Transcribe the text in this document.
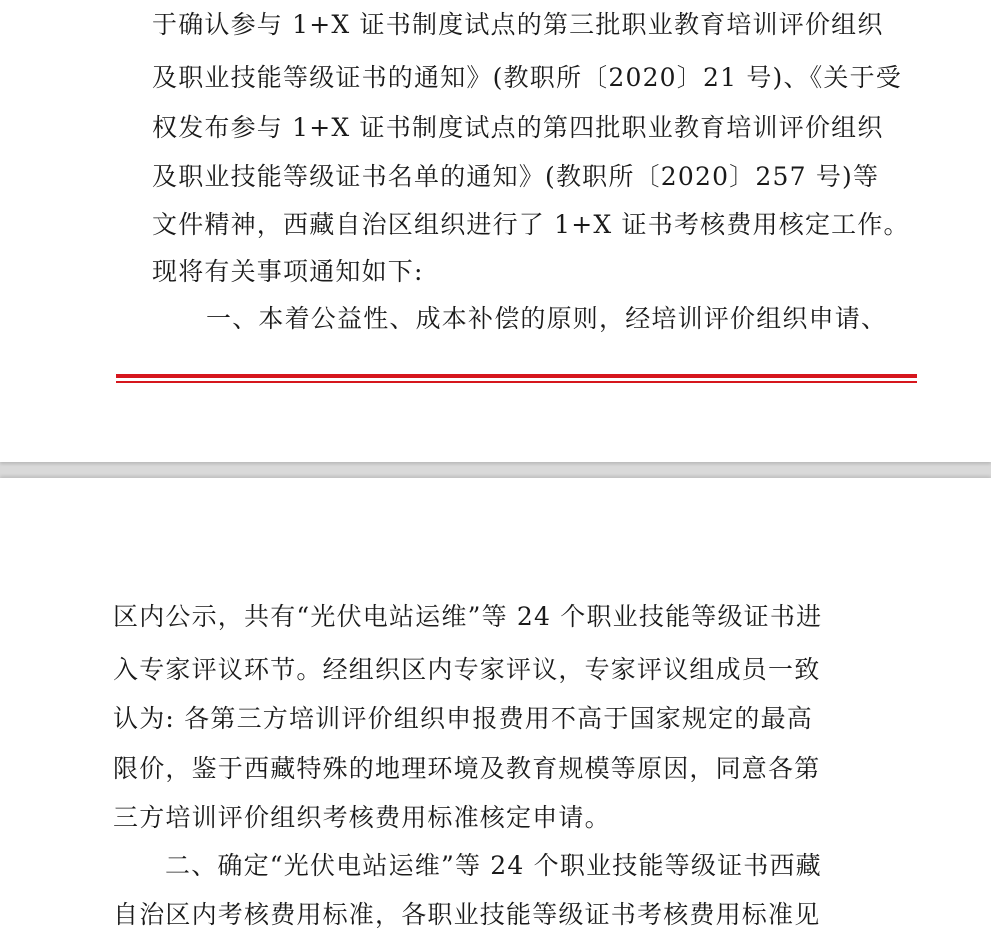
于确认参与 1+X 证书制度试点的第三批职业教育培训评价组织
及职业技能等级证书的通知》(教职所〔2020〕21 号)、《关于受
权发布参与 1+X 证书制度试点的第四批职业教育培训评价组织
及职业技能等级证书名单的通知》(教职所〔2020〕257 号)等
文件精神，西藏自治区组织进行了 1+X 证书考核费用核定工作。
现将有关事项通知如下:
一、本着公益性、成本补偿的原则，经培训评价组织申请、
区内公示，共有“光伏电站运维”等 24 个职业技能等级证书进
入专家评议环节。经组织区内专家评议，专家评议组成员一致
认为: 各第三方培训评价组织申报费用不高于国家规定的最高
限价，鉴于西藏特殊的地理环境及教育规模等原因，同意各第
三方培训评价组织考核费用标准核定申请。
二、确定“光伏电站运维”等 24 个职业技能等级证书西藏
自治区内考核费用标准，各职业技能等级证书考核费用标准见
